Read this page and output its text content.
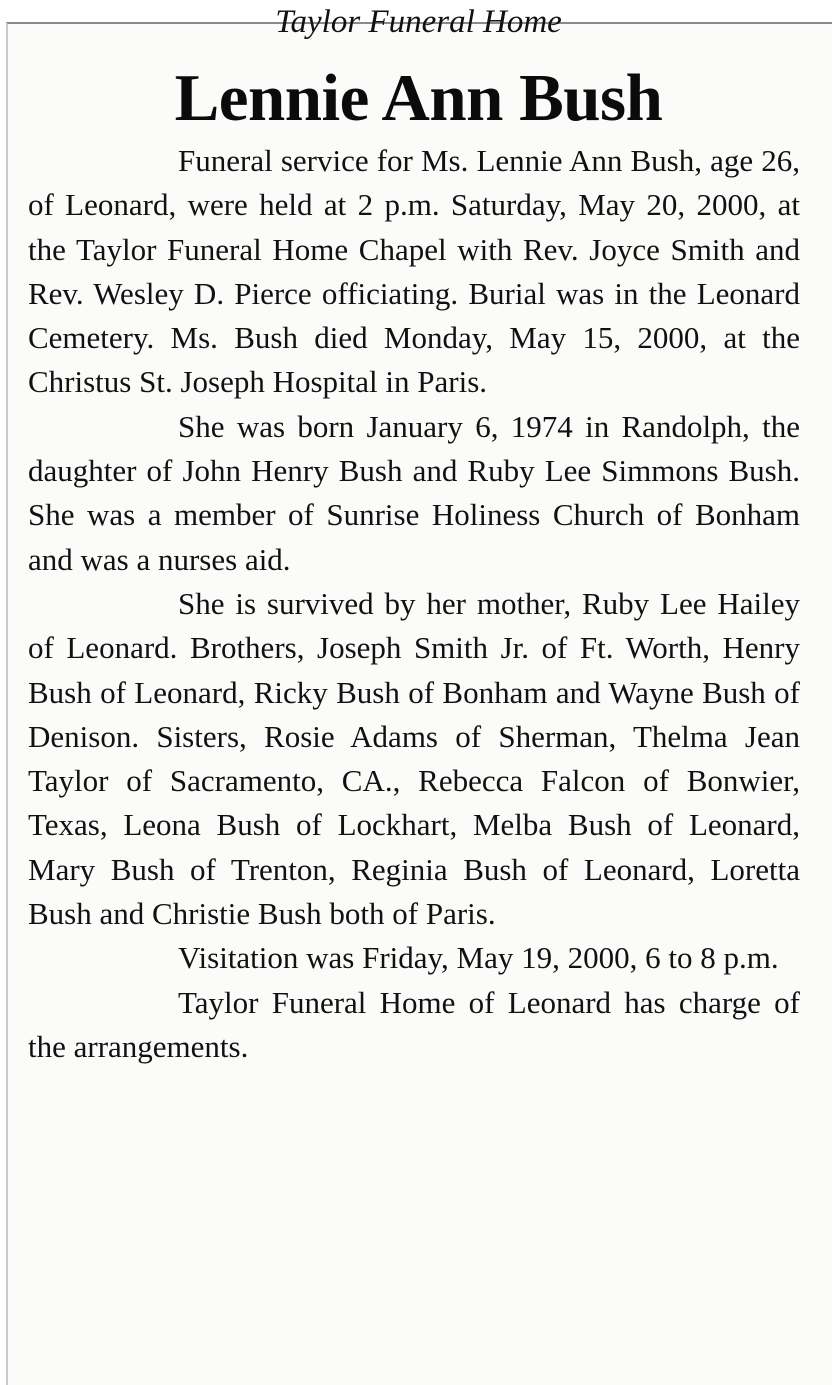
Taylor Funeral Home
Lennie Ann Bush

Funeral service for Ms. Lennie Ann Bush, age 26, of Leonard, were held at 2 p.m. Saturday, May 20, 2000, at the Taylor Funeral Home Chapel with Rev. Joyce Smith and Rev. Wesley D. Pierce officiating. Burial was in the Leonard Cemetery. Ms. Bush died Monday, May 15, 2000, at the Christus St. Joseph Hospital in Paris.

She was born January 6, 1974 in Randolph, the daughter of John Henry Bush and Ruby Lee Simmons Bush. She was a member of Sunrise Holiness Church of Bonham and was a nurses aid.

She is survived by her mother, Ruby Lee Hailey of Leonard. Brothers, Joseph Smith Jr. of Ft. Worth, Henry Bush of Leonard, Ricky Bush of Bonham and Wayne Bush of Denison. Sisters, Rosie Adams of Sherman, Thelma Jean Taylor of Sacramento, CA., Rebecca Falcon of Bonwier, Texas, Leona Bush of Lockhart, Melba Bush of Leonard, Mary Bush of Trenton, Reginia Bush of Leonard, Loretta Bush and Christie Bush both of Paris.

Visitation was Friday, May 19, 2000, 6 to 8 p.m.

Taylor Funeral Home of Leonard has charge of the arrangements.
